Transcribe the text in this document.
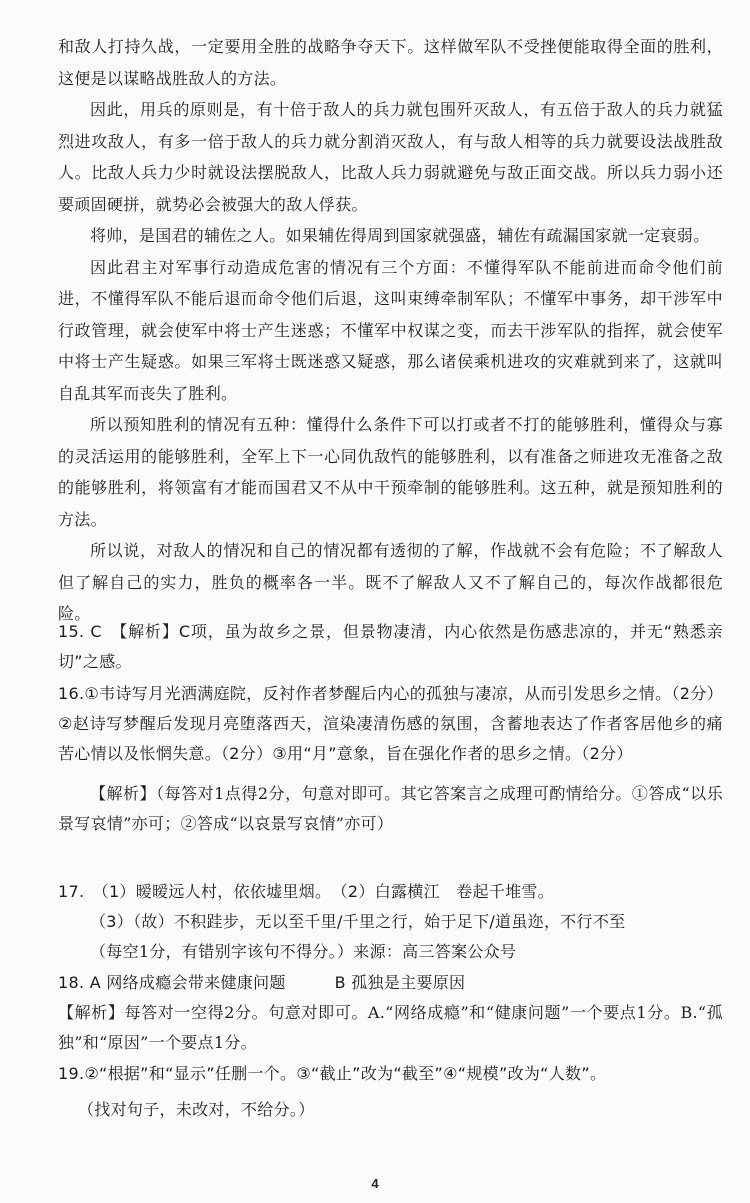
和敌人打持久战，一定要用全胜的战略争夺天下。这样做军队不受挫便能取得全面的胜利，这便是以谋略战胜敌人的方法。

因此，用兵的原则是，有十倍于敌人的兵力就包围歼灭敌人，有五倍于敌人的兵力就猛烈进攻敌人，有多一倍于敌人的兵力就分割消灭敌人，有与敌人相等的兵力就要设法战胜敌人。比敌人兵力少时就设法摆脱敌人，比敌人兵力弱就避免与敌正面交战。所以兵力弱小还要顽固硬拼，就势必会被强大的敌人俘获。

将帅，是国君的辅佐之人。如果辅佐得周到国家就强盛，辅佐有疏漏国家就一定衰弱。

因此君主对军事行动造成危害的情况有三个方面：不懂得军队不能前进而命令他们前进，不懂得军队不能后退而命令他们后退，这叫束缚牵制军队；不懂军中事务，却干涉军中行政管理，就会使军中将士产生迷惑；不懂军中权谋之变，而去干涉军队的指挥，就会使军中将士产生疑惑。如果三军将士既迷惑又疑惑，那么诸侯乘机进攻的灾难就到来了，这就叫自乱其军而丧失了胜利。

所以预知胜利的情况有五种：懂得什么条件下可以打或者不打的能够胜利，懂得众与寡的灵活运用的能够胜利，全军上下一心同仇敌忾的能够胜利，以有准备之师进攻无准备之敌的能够胜利，将领富有才能而国君又不从中干预牵制的能够胜利。这五种，就是预知胜利的方法。

所以说，对敌人的情况和自己的情况都有透彻的了解，作战就不会有危险；不了解敌人但了解自己的实力，胜负的概率各一半。既不了解敌人又不了解自己的，每次作战都很危险。

15. C　【解析】C项，虽为故乡之景，但景物凄清，内心依然是伤感悲凉的，并无“熟悉亲切”之感。

16.①韦诗写月光洒满庭院，反衬作者梦醒后内心的孤独与凄凉，从而引发思乡之情。（2分）②赵诗写梦醒后发现月亮堕落西天，渲染凄清伤感的氛围，含蓄地表达了作者客居他乡的痛苦心情以及怅惘失意。（2分）③用“月”意象，旨在强化作者的思乡之情。（2分）

【解析】（每答对1点得2分，句意对即可。其它答案言之成理可酌情给分。①答成“以乐景写哀情”亦可；②答成“以哀景写哀情”亦可）

17.　（1）暧暧远人村，依依墟里烟。　（2）白露横江　卷起千堆雪。

（3）（故）不积跬步，无以至千里/千里之行，始于足下/道虽迩，不行不至

（每空1分，有错别字该句不得分。）来源：高三答案公众号

18. A 网络成瘾会带来健康问题　　　B 孤独是主要原因

【解析】每答对一空得2分。句意对即可。A.“网络成瘾”和“健康问题”一个要点1分。B.“孤独”和“原因”一个要点1分。

19.②“根据”和“显示”任删一个。③“截止”改为“截至”④“规模”改为“人数”。

（找对句子，未改对，不给分。）

4
